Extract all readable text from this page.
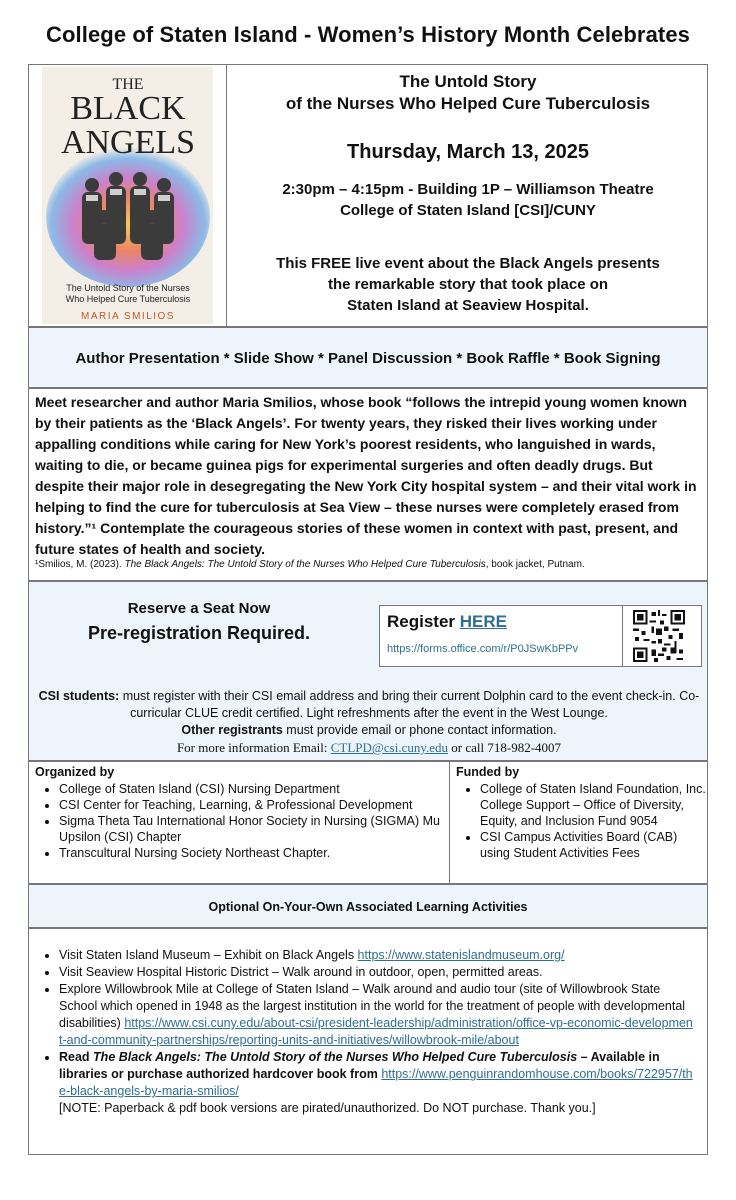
College of Staten Island - Women’s History Month Celebrates
THE
BLACK
ANGELS
The Untold Story of the Nurses
Who Helped Cure Tuberculosis
MARIA SMILIOS
The Untold Story
of the Nurses Who Helped Cure Tuberculosis
Thursday, March 13, 2025
2:30pm – 4:15pm - Building 1P – Williamson Theatre
College of Staten Island [CSI]/CUNY
This FREE live event about the Black Angels presents
the remarkable story that took place on
Staten Island at Seaview Hospital.
Author Presentation * Slide Show * Panel Discussion * Book Raffle * Book Signing
Meet researcher and author Maria Smilios, whose book “follows the intrepid young women known by their patients as the ‘Black Angels’. For twenty years, they risked their lives working under appalling conditions while caring for New York’s poorest residents, who languished in wards, waiting to die, or became guinea pigs for experimental surgeries and often deadly drugs. But despite their major role in desegregating the New York City hospital system – and their vital work in helping to find the cure for tuberculosis at Sea View – these nurses were completely erased from history.”¹ Contemplate the courageous stories of these women in context with past, present, and future states of health and society.
¹Smilios, M. (2023). The Black Angels: The Untold Story of the Nurses Who Helped Cure Tuberculosis, book jacket, Putnam.
Reserve a Seat Now
Pre-registration Required.
Register HERE
https://forms.office.com/r/P0JSwKbPPv
CSI students: must register with their CSI email address and bring their current Dolphin card to the event check-in. Co-curricular CLUE credit certified. Light refreshments after the event in the West Lounge.
Other registrants must provide email or phone contact information.
For more information Email: CTLPD@csi.cuny.edu or call 718-982-4007
Organized by
• College of Staten Island (CSI) Nursing Department
• CSI Center for Teaching, Learning, & Professional Development
• Sigma Theta Tau International Honor Society in Nursing (SIGMA) Mu Upsilon (CSI) Chapter
• Transcultural Nursing Society Northeast Chapter.
Funded by
• College of Staten Island Foundation, Inc. College Support – Office of Diversity, Equity, and Inclusion Fund 9054
• CSI Campus Activities Board (CAB) using Student Activities Fees
Optional On-Your-Own Associated Learning Activities
• Visit Staten Island Museum – Exhibit on Black Angels https://www.statenislandmuseum.org/
• Visit Seaview Hospital Historic District – Walk around in outdoor, open, permitted areas.
• Explore Willowbrook Mile at College of Staten Island – Walk around and audio tour (site of Willowbrook State School which opened in 1948 as the largest institution in the world for the treatment of people with developmental disabilities) https://www.csi.cuny.edu/about-csi/president-leadership/administration/office-vp-economic-development-and-community-partnerships/reporting-units-and-initiatives/willowbrook-mile/about
• Read The Black Angels: The Untold Story of the Nurses Who Helped Cure Tuberculosis – Available in libraries or purchase authorized hardcover book from https://www.penguinrandomhouse.com/books/722957/the-black-angels-by-maria-smilios/
[NOTE: Paperback & pdf book versions are pirated/unauthorized. Do NOT purchase. Thank you.]
